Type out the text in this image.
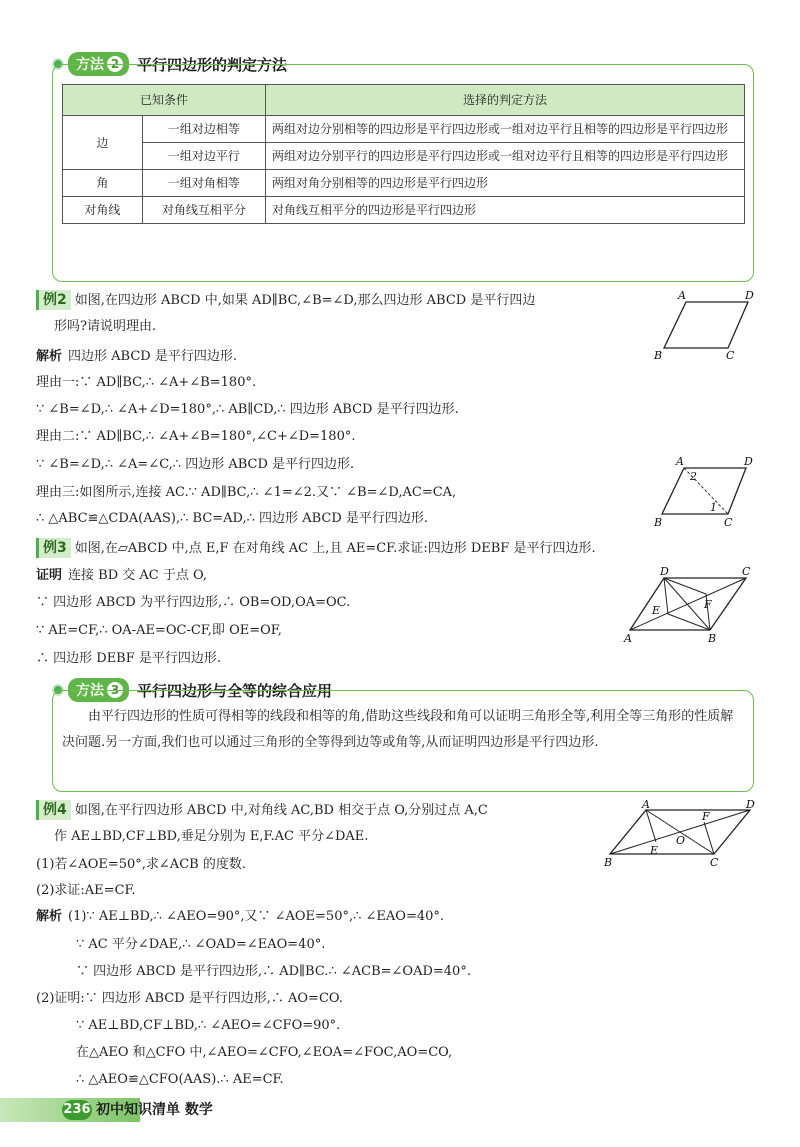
方法 2 平行四边形的判定方法
已知条件		选择的判定方法
边	一组对边相等	两组对边分别相等的四边形是平行四边形或一组对边平行且相等的四边形是平行四边形
	一组对边平行	两组对边分别平行的四边形是平行四边形或一组对边平行且相等的四边形是平行四边形
角	一组对角相等	两组对角分别相等的四边形是平行四边形
对角线	对角线互相平分	对角线互相平分的四边形是平行四边形
例2 如图,在四边形 ABCD 中,如果 AD∥BC,∠B=∠D,那么四边形 ABCD 是平行四边
形吗?请说明理由.
解析 四边形 ABCD 是平行四边形.
理由一:∵ AD∥BC,∴ ∠A+∠B=180°.
∵ ∠B=∠D,∴ ∠A+∠D=180°,∴ AB∥CD,∴ 四边形 ABCD 是平行四边形.
理由二:∵ AD∥BC,∴ ∠A+∠B=180°,∠C+∠D=180°.
∵ ∠B=∠D,∴ ∠A=∠C,∴ 四边形 ABCD 是平行四边形.
理由三:如图所示,连接 AC.∵ AD∥BC,∴ ∠1=∠2.又∵ ∠B=∠D,AC=CA,
∴ △ABC≌△CDA(AAS),∴ BC=AD,∴ 四边形 ABCD 是平行四边形.
A	D
B	C
A	D
B	C
2
1
例3 如图,在▱ABCD 中,点 E,F 在对角线 AC 上,且 AE=CF.求证:四边形 DEBF 是平行四边形.
证明 连接 BD 交 AC 于点 O,
∵ 四边形 ABCD 为平行四边形,∴ OB=OD,OA=OC.
∵ AE=CF,∴ OA-AE=OC-CF,即 OE=OF,
∴ 四边形 DEBF 是平行四边形.
D	C
A	B
E	F
方法 3 平行四边形与全等的综合应用
由平行四边形的性质可得相等的线段和相等的角,借助这些线段和角可以证明三角形全等,利用全等三角形的性质解决问题.另一方面,我们也可以通过三角形的全等得到边等或角等,从而证明四边形是平行四边形.
例4 如图,在平行四边形 ABCD 中,对角线 AC,BD 相交于点 O,分别过点 A,C
作 AE⊥BD,CF⊥BD,垂足分别为 E,F.AC 平分∠DAE.
(1)若∠AOE=50°,求∠ACB 的度数.
(2)求证:AE=CF.
解析 (1)∵ AE⊥BD,∴ ∠AEO=90°,又∵ ∠AOE=50°,∴ ∠EAO=40°.
∵ AC 平分∠DAE,∴ ∠OAD=∠EAO=40°.
∵ 四边形 ABCD 是平行四边形,∴ AD∥BC.∴ ∠ACB=∠OAD=40°.
(2)证明:∵ 四边形 ABCD 是平行四边形,∴ AO=CO.
∵ AE⊥BD,CF⊥BD,∴ ∠AEO=∠CFO=90°.
在△AEO 和△CFO 中,∠AEO=∠CFO,∠EOA=∠FOC,AO=CO,
∴ △AEO≌△CFO(AAS).∴ AE=CF.
A	D
B	C
E
F
O
236 初中知识清单 数学
